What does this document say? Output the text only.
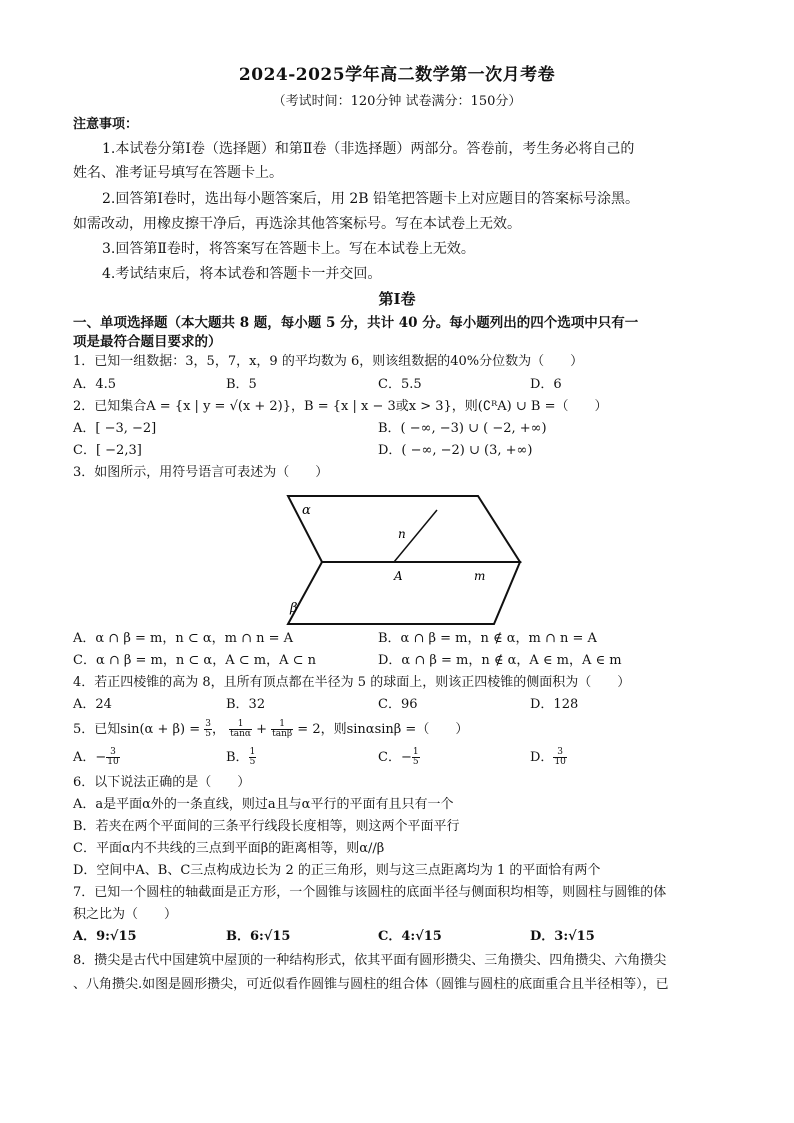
2024-2025学年高二数学第一次月考卷
（考试时间：120分钟 试卷满分：150分）
注意事项：
1.本试卷分第Ⅰ卷（选择题）和第Ⅱ卷（非选择题）两部分。答卷前，考生务必将自己的
姓名、准考证号填写在答题卡上。
2.回答第Ⅰ卷时，选出每小题答案后，用 2B 铅笔把答题卡上对应题目的答案标号涂黑。
如需改动，用橡皮擦干净后，再选涂其他答案标号。写在本试卷上无效。
3.回答第Ⅱ卷时，将答案写在答题卡上。写在本试卷上无效。
4.考试结束后，将本试卷和答题卡一并交回。
第Ⅰ卷
一、单项选择题（本大题共 8 题，每小题 5 分，共计 40 分。每小题列出的四个选项中只有一
项是最符合题目要求的）
1．已知一组数据：3，5，7，x，9 的平均数为 6，则该组数据的40%分位数为（　　）
A．4.5	B．5	C．5.5	D．6
2．已知集合A = {x | y = √(x + 2)}，B = {x | x − 3或x > 3}，则(∁ᴿA) ∪ B =（　　）
A．[ −3, −2]	B．( −∞, −3) ∪ ( −2, +∞)
C．[ −2,3]	D．( −∞, −2) ∪ (3, +∞)
3．如图所示，用符号语言可表述为（　　）
α
β
n
A	m
A．α ∩ β = m，n ⊂ α，m ∩ n = A	B．α ∩ β = m，n ∉ α，m ∩ n = A
C．α ∩ β = m，n ⊂ α，A ⊂ m，A ⊂ n	D．α ∩ β = m，n ∉ α，A ∈ m，A ∈ m
4．若正四棱锥的高为 8，且所有顶点都在半径为 5 的球面上，则该正四棱锥的侧面积为（　　）
A．24	B．32	C．96	D．128
5．已知$\sin(\alpha + \beta) = \frac{3}{5}$ ， $\frac{1}{\tan\alpha} + \frac{1}{\tan\beta} = 2$，则sinαsinβ =（　　）
A．− $\frac{3}{10}$	B． $\frac{1}{5}$	C．− $\frac{1}{5}$	D． $\frac{3}{10}$
6．以下说法正确的是（　　）
A．a是平面α外的一条直线，则过a且与α平行的平面有且只有一个
B．若夹在两个平面间的三条平行线段长度相等，则这两个平面平行
C．平面α内不共线的三点到平面β的距离相等，则α//β
D．空间中A、B、C三点构成边长为 2 的正三角形，则与这三点距离均为 1 的平面恰有两个
7．已知一个圆柱的轴截面是正方形，一个圆锥与该圆柱的底面半径与侧面积均相等，则圆柱与圆锥的体
积之比为（　　）
A．9:√15	B．6:√15	C．4:√15	D．3:√15
8．攒尖是古代中国建筑中屋顶的一种结构形式，依其平面有圆形攒尖、三角攒尖、四角攒尖、六角攒尖
、八角攒尖.如图是圆形攒尖，可近似看作圆锥与圆柱的组合体（圆锥与圆柱的底面重合且半径相等），已
